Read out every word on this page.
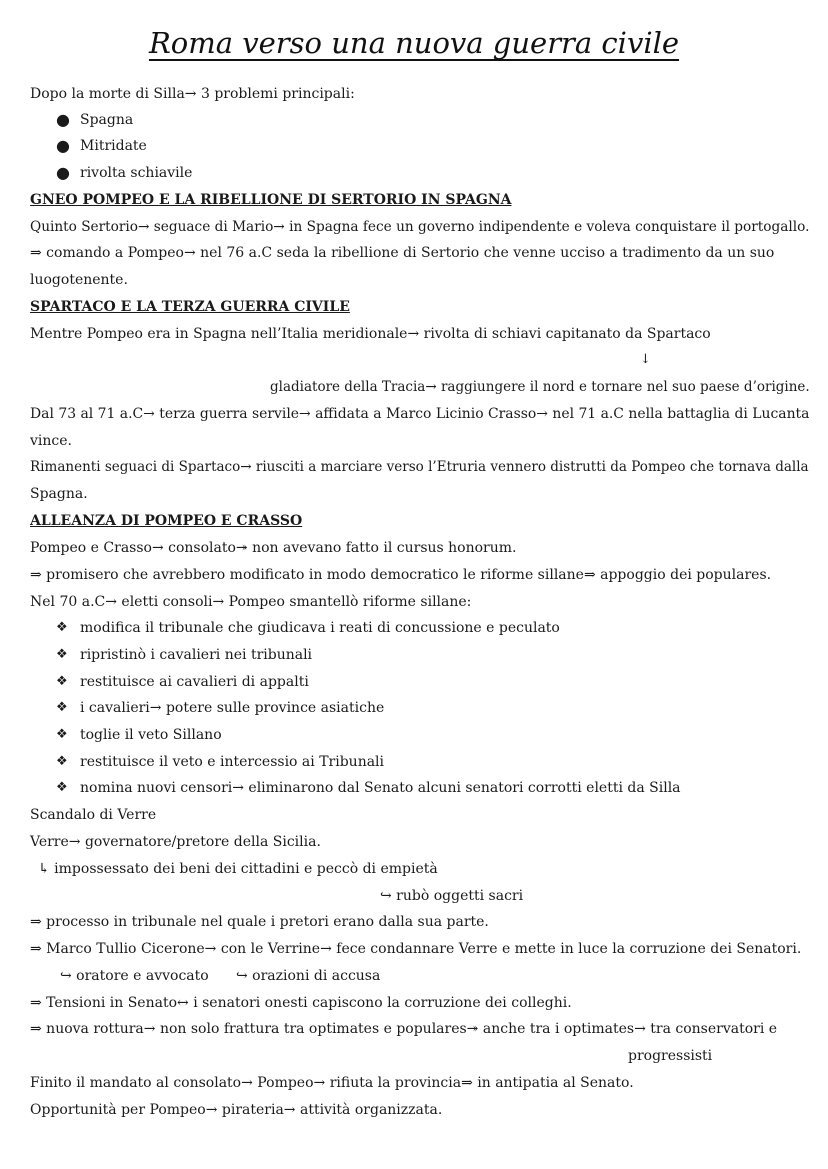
Roma verso una nuova guerra civile
Dopo la morte di Silla→ 3 problemi principali:
● Spagna
● Mitridate
● rivolta schiavile
GNEO POMPEO E LA RIBELLIONE DI SERTORIO IN SPAGNA
Quinto Sertorio→ seguace di Mario→ in Spagna fece un governo indipendente e voleva conquistare il portogallo.
⇒ comando a Pompeo→ nel 76 a.C seda la ribellione di Sertorio che venne ucciso a tradimento da un suo
luogotenente.
SPARTACO E LA TERZA GUERRA CIVILE
Mentre Pompeo era in Spagna nell’Italia meridionale→ rivolta di schiavi capitanato da Spartaco
↓
gladiatore della Tracia→ raggiungere il nord e tornare nel suo paese d’origine.
Dal 73 al 71 a.C→ terza guerra servile→ affidata a Marco Licinio Crasso→ nel 71 a.C nella battaglia di Lucanta
vince.
Rimanenti seguaci di Spartaco→ riusciti a marciare verso l’Etruria vennero distrutti da Pompeo che tornava dalla
Spagna.
ALLEANZA DI POMPEO E CRASSO
Pompeo e Crasso→ consolato↠ non avevano fatto il cursus honorum.
⇒ promisero che avrebbero modificato in modo democratico le riforme sillane⇒ appoggio dei populares.
Nel 70 a.C→ eletti consoli→ Pompeo smantellò riforme sillane:
❖ modifica il tribunale che giudicava i reati di concussione e peculato
❖ ripristinò i cavalieri nei tribunali
❖ restituisce ai cavalieri di appalti
❖ i cavalieri→ potere sulle province asiatiche
❖ toglie il veto Sillano
❖ restituisce il veto e intercessio ai Tribunali
❖ nomina nuovi censori→ eliminarono dal Senato alcuni senatori corrotti eletti da Silla
Scandalo di Verre
Verre→ governatore/pretore della Sicilia.
↳ impossessato dei beni dei cittadini e peccò di empietà
↪ rubò oggetti sacri
⇒ processo in tribunale nel quale i pretori erano dalla sua parte.
⇒ Marco Tullio Cicerone→ con le Verrine→ fece condannare Verre e mette in luce la corruzione dei Senatori.
↪ oratore e avvocato ↪ orazioni di accusa
⇒ Tensioni in Senato↔ i senatori onesti capiscono la corruzione dei colleghi.
⇒ nuova rottura→ non solo frattura tra optimates e populares↠ anche tra i optimates→ tra conservatori e
progressisti
Finito il mandato al consolato→ Pompeo→ rifiuta la provincia⇒ in antipatia al Senato.
Opportunità per Pompeo→ pirateria→ attività organizzata.
